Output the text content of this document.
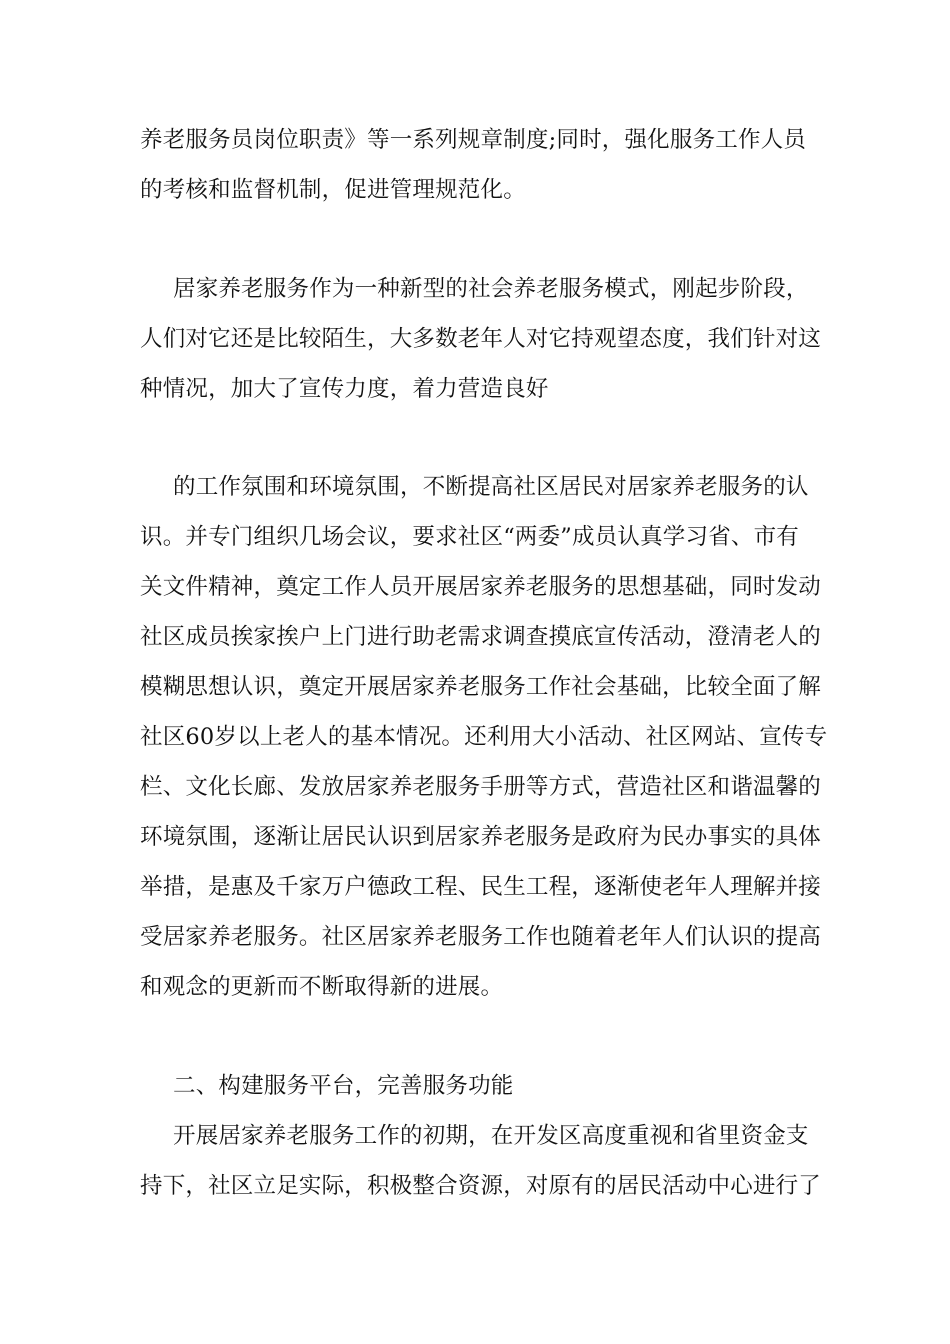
养老服务员岗位职责》等一系列规章制度;同时，强化服务工作人员
的考核和监督机制，促进管理规范化。
居家养老服务作为一种新型的社会养老服务模式，刚起步阶段，
人们对它还是比较陌生，大多数老年人对它持观望态度，我们针对这
种情况，加大了宣传力度，着力营造良好
的工作氛围和环境氛围，不断提高社区居民对居家养老服务的认
识。并专门组织几场会议，要求社区“两委”成员认真学习省、市有
关文件精神，奠定工作人员开展居家养老服务的思想基础，同时发动
社区成员挨家挨户上门进行助老需求调查摸底宣传活动，澄清老人的
模糊思想认识，奠定开展居家养老服务工作社会基础，比较全面了解
社区60岁以上老人的基本情况。还利用大小活动、社区网站、宣传专
栏、文化长廊、发放居家养老服务手册等方式，营造社区和谐温馨的
环境氛围，逐渐让居民认识到居家养老服务是政府为民办事实的具体
举措，是惠及千家万户德政工程、民生工程，逐渐使老年人理解并接
受居家养老服务。社区居家养老服务工作也随着老年人们认识的提高
和观念的更新而不断取得新的进展。
二、构建服务平台，完善服务功能
开展居家养老服务工作的初期，在开发区高度重视和省里资金支
持下，社区立足实际，积极整合资源，对原有的居民活动中心进行了
